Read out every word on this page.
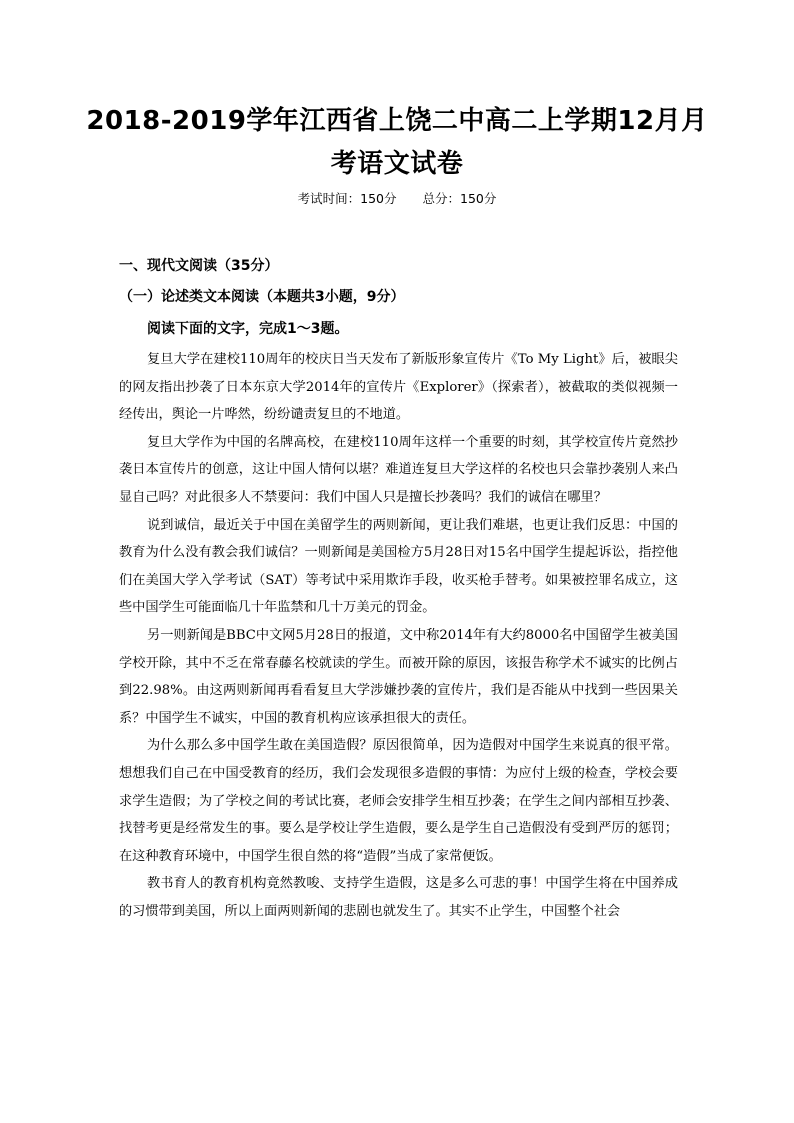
2018-2019学年江西省上饶二中高二上学期12月月
考语文试卷
考试时间：150分 总分：150分
一、现代文阅读（35分）
（一）论述类文本阅读（本题共3小题，9分）
阅读下面的文字，完成1～3题。

复旦大学在建校110周年的校庆日当天发布了新版形象宣传片《To My Light》后，被眼尖的网友指出抄袭了日本东京大学2014年的宣传片《Explorer》（探索者），被截取的类似视频一经传出，舆论一片哗然，纷纷谴责复旦的不地道。

复旦大学作为中国的名牌高校，在建校110周年这样一个重要的时刻，其学校宣传片竟然抄袭日本宣传片的创意，这让中国人情何以堪？难道连复旦大学这样的名校也只会靠抄袭别人来凸显自己吗？对此很多人不禁要问：我们中国人只是擅长抄袭吗？我们的诚信在哪里？

说到诚信，最近关于中国在美留学生的两则新闻，更让我们难堪，也更让我们反思：中国的教育为什么没有教会我们诚信？一则新闻是美国检方5月28日对15名中国学生提起诉讼，指控他们在美国大学入学考试（SAT）等考试中采用欺诈手段，收买枪手替考。如果被控罪名成立，这些中国学生可能面临几十年监禁和几十万美元的罚金。

另一则新闻是BBC中文网5月28日的报道，文中称2014年有大约8000名中国留学生被美国学校开除，其中不乏在常春藤名校就读的学生。而被开除的原因，该报告称学术不诚实的比例占到22.98%。由这两则新闻再看看复旦大学涉嫌抄袭的宣传片，我们是否能从中找到一些因果关系？中国学生不诚实，中国的教育机构应该承担很大的责任。

为什么那么多中国学生敢在美国造假？原因很简单，因为造假对中国学生来说真的很平常。想想我们自己在中国受教育的经历，我们会发现很多造假的事情：为应付上级的检查，学校会要求学生造假；为了学校之间的考试比赛，老师会安排学生相互抄袭；在学生之间内部相互抄袭、找替考更是经常发生的事。要么是学校让学生造假，要么是学生自己造假没有受到严厉的惩罚；在这种教育环境中，中国学生很自然的将“造假”当成了家常便饭。

教书育人的教育机构竟然教唆、支持学生造假，这是多么可悲的事！中国学生将在中国养成的习惯带到美国，所以上面两则新闻的悲剧也就发生了。其实不止学生，中国整个社会
